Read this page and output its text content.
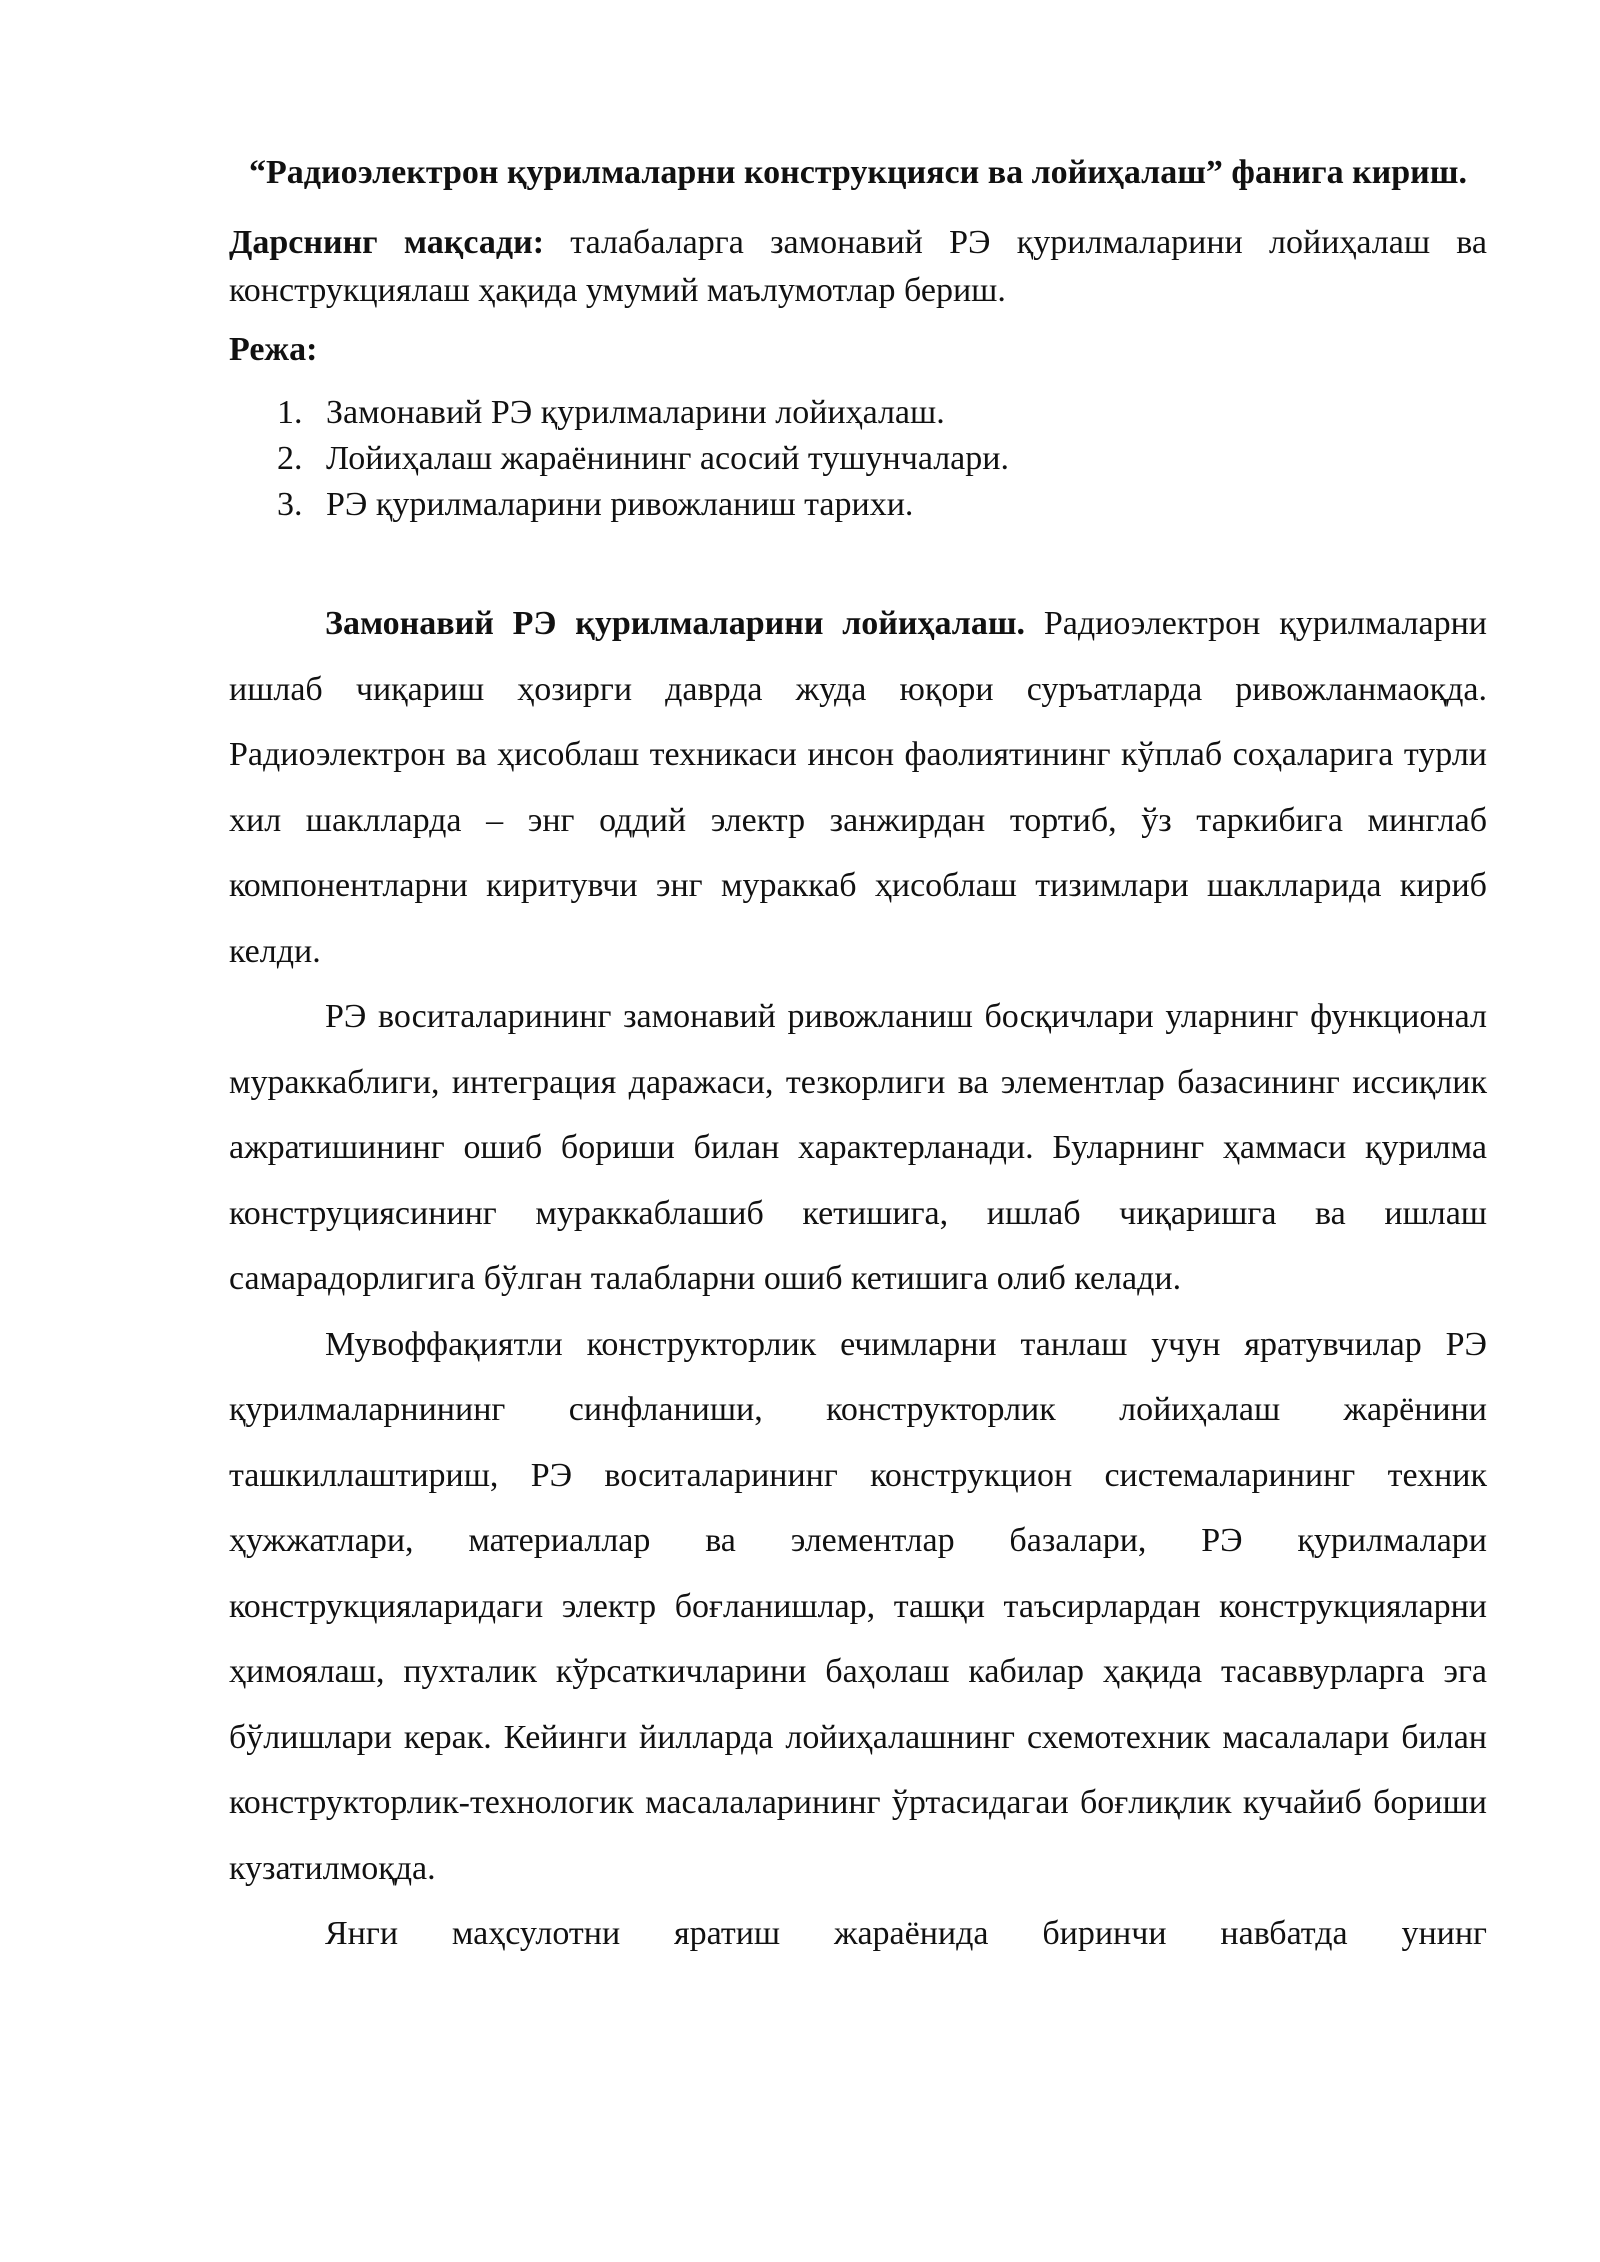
“Радиоэлектрон қурилмаларни конструкцияси ва лойиҳалаш” фанига кириш.

Дарснинг мақсади: талабаларга замонавий РЭ қурилмаларини лойиҳалаш ва конструкциялаш ҳақида умумий маълумотлар бериш.

Режа:
1. Замонавий РЭ қурилмаларини лойиҳалаш.
2. Лойиҳалаш жараёнининг асосий тушунчалари.
3. РЭ қурилмаларини ривожланиш тарихи.

Замонавий РЭ қурилмаларини лойиҳалаш. Радиоэлектрон қурилмаларни ишлаб чиқариш ҳозирги даврда жуда юқори суръатларда ривожланмаоқда. Радиоэлектрон ва ҳисоблаш техникаси инсон фаолиятининг кўплаб соҳаларига турли хил шаклларда – энг оддий электр занжирдан тортиб, ўз таркибига минглаб компонентларни киритувчи энг мураккаб ҳисоблаш тизимлари шаклларида кириб келди.

РЭ воситаларининг замонавий ривожланиш босқичлари уларнинг функционал мураккаблиги, интеграция даражаси, тезкорлиги ва элементлар базасининг иссиқлик ажратишининг ошиб бориши билан характерланади. Буларнинг ҳаммаси қурилма конструциясининг мураккаблашиб кетишига, ишлаб чиқаришга ва ишлаш самарадорлигига бўлган талабларни ошиб кетишига олиб келади.

Мувоффақиятли конструкторлик ечимларни танлаш учун яратувчилар РЭ қурилмаларнининг синфланиши, конструкторлик лойиҳалаш жарёнини ташкиллаштириш, РЭ воситаларининг конструкцион системаларининг техник ҳужжатлари, материаллар ва элементлар базалари, РЭ қурилмалари конструкцияларидаги электр боғланишлар, ташқи таъсирлардан конструкцияларни ҳимоялаш, пухталик кўрсаткичларини баҳолаш кабилар ҳақида тасаввурларга эга бўлишлари керак. Кейинги йилларда лойиҳалашнинг схемотехник масалалари билан конструкторлик-технологик масалаларининг ўртасидагаи боғлиқлик кучайиб бориши кузатилмоқда.

Янги маҳсулотни яратиш жараёнида биринчи навбатда унинг
